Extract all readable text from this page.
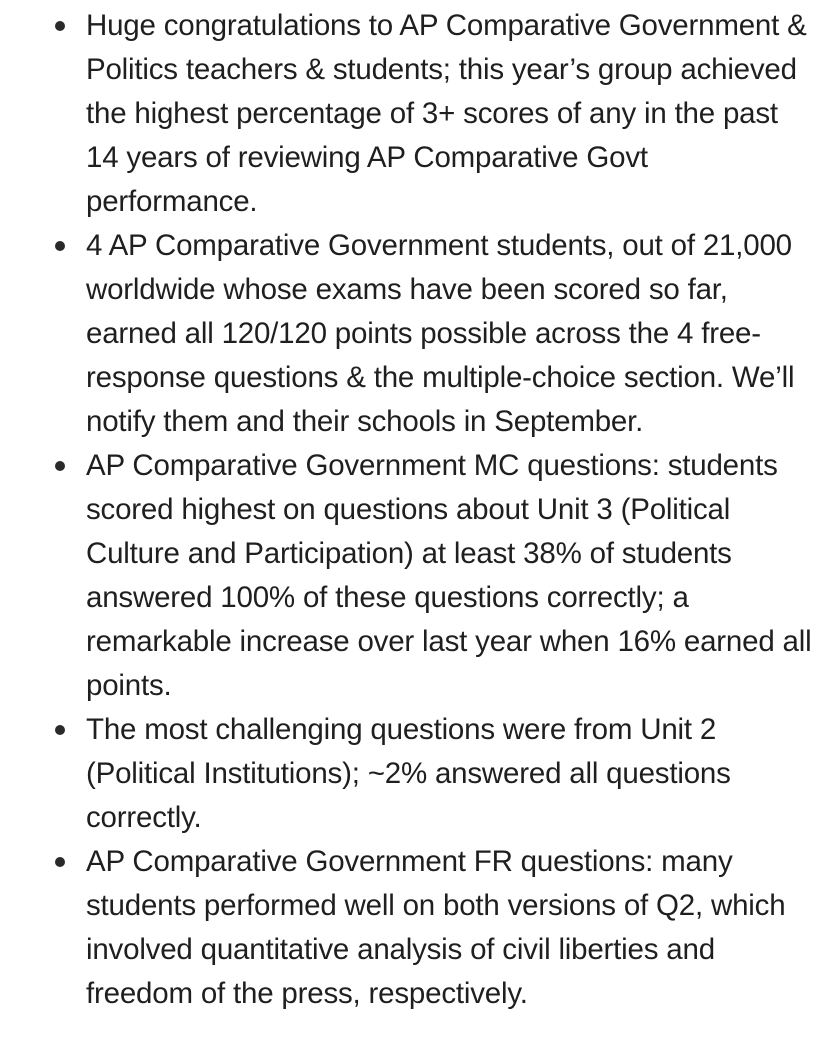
Huge congratulations to AP Comparative Government & Politics teachers & students; this year’s group achieved the highest percentage of 3+ scores of any in the past 14 years of reviewing AP Comparative Govt performance.
4 AP Comparative Government students, out of 21,000 worldwide whose exams have been scored so far, earned all 120/120 points possible across the 4 free-response questions & the multiple-choice section. We’ll notify them and their schools in September.
AP Comparative Government MC questions: students scored highest on questions about Unit 3 (Political Culture and Participation) at least 38% of students answered 100% of these questions correctly; a remarkable increase over last year when 16% earned all points.
The most challenging questions were from Unit 2 (Political Institutions); ~2% answered all questions correctly.
AP Comparative Government FR questions: many students performed well on both versions of Q2, which involved quantitative analysis of civil liberties and freedom of the press, respectively.
